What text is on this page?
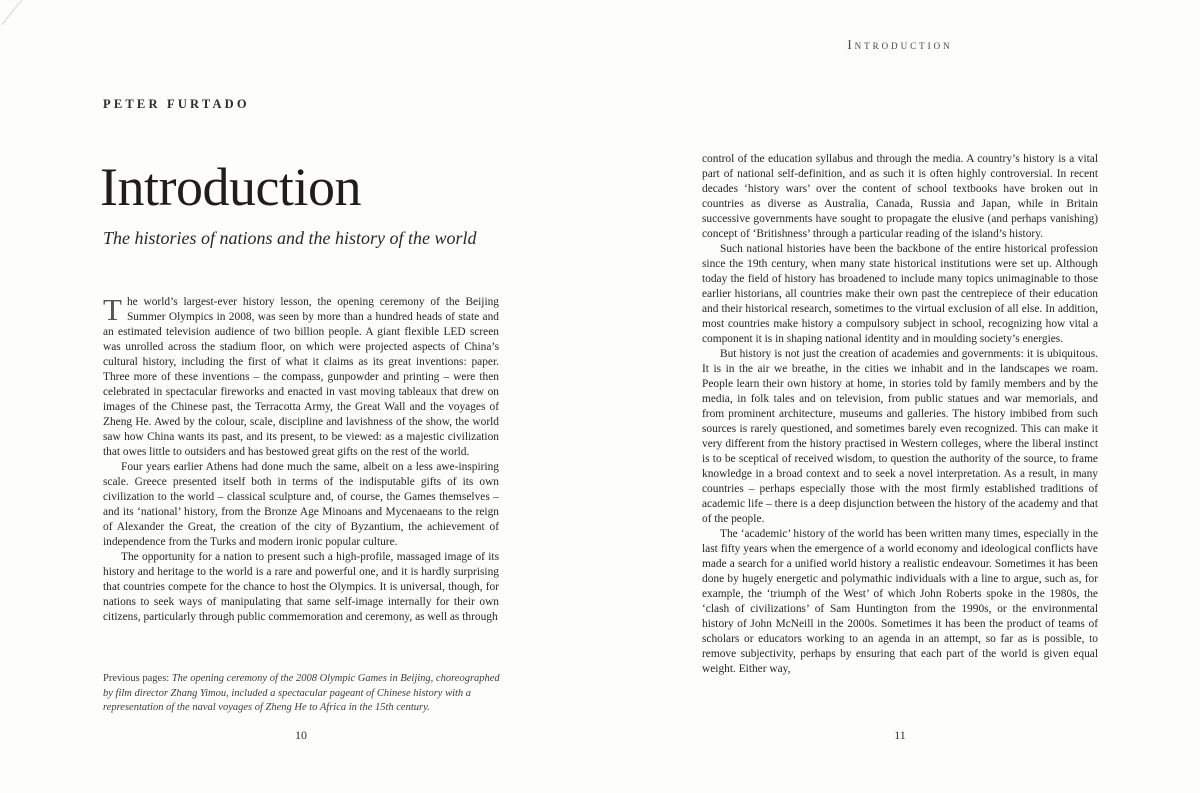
PETER FURTADO
Introduction
The histories of nations and the history of the world

The world’s largest-ever history lesson, the opening ceremony of the Beijing Summer Olympics in 2008, was seen by more than a hundred heads of state and an estimated television audience of two billion people. A giant flexible LED screen was unrolled across the stadium floor, on which were projected aspects of China’s cultural history, including the first of what it claims as its great inventions: paper. Three more of these inventions – the compass, gunpowder and printing – were then celebrated in spectacular fireworks and enacted in vast moving tableaux that drew on images of the Chinese past, the Terracotta Army, the Great Wall and the voyages of Zheng He. Awed by the colour, scale, discipline and lavishness of the show, the world saw how China wants its past, and its present, to be viewed: as a majestic civilization that owes little to outsiders and has bestowed great gifts on the rest of the world.

Four years earlier Athens had done much the same, albeit on a less awe-inspiring scale. Greece presented itself both in terms of the indisputable gifts of its own civilization to the world – classical sculpture and, of course, the Games themselves – and its ‘national’ history, from the Bronze Age Minoans and Mycenaeans to the reign of Alexander the Great, the creation of the city of Byzantium, the achievement of independence from the Turks and modern ironic popular culture.

The opportunity for a nation to present such a high-profile, massaged image of its history and heritage to the world is a rare and powerful one, and it is hardly surprising that countries compete for the chance to host the Olympics. It is universal, though, for nations to seek ways of manipulating that same self-image internally for their own citizens, particularly through public commemoration and ceremony, as well as through

Previous pages: The opening ceremony of the 2008 Olympic Games in Beijing, choreographed by film director Zhang Yimou, included a spectacular pageant of Chinese history with a representation of the naval voyages of Zheng He to Africa in the 15th century.
10
Introduction

control of the education syllabus and through the media. A country’s history is a vital part of national self-definition, and as such it is often highly controversial. In recent decades ‘history wars’ over the content of school textbooks have broken out in countries as diverse as Australia, Canada, Russia and Japan, while in Britain successive governments have sought to propagate the elusive (and perhaps vanishing) concept of ‘Britishness’ through a particular reading of the island’s history.

Such national histories have been the backbone of the entire historical profession since the 19th century, when many state historical institutions were set up. Although today the field of history has broadened to include many topics unimaginable to those earlier historians, all countries make their own past the centrepiece of their education and their historical research, sometimes to the virtual exclusion of all else. In addition, most countries make history a compulsory subject in school, recognizing how vital a component it is in shaping national identity and in moulding society’s energies.

But history is not just the creation of academies and governments: it is ubiquitous. It is in the air we breathe, in the cities we inhabit and in the landscapes we roam. People learn their own history at home, in stories told by family members and by the media, in folk tales and on television, from public statues and war memorials, and from prominent architecture, museums and galleries. The history imbibed from such sources is rarely questioned, and sometimes barely even recognized. This can make it very different from the history practised in Western colleges, where the liberal instinct is to be sceptical of received wisdom, to question the authority of the source, to frame knowledge in a broad context and to seek a novel interpretation. As a result, in many countries – perhaps especially those with the most firmly established traditions of academic life – there is a deep disjunction between the history of the academy and that of the people.

The ‘academic’ history of the world has been written many times, especially in the last fifty years when the emergence of a world economy and ideological conflicts have made a search for a unified world history a realistic endeavour. Sometimes it has been done by hugely energetic and polymathic individuals with a line to argue, such as, for example, the ‘triumph of the West’ of which John Roberts spoke in the 1980s, the ‘clash of civilizations’ of Sam Huntington from the 1990s, or the environmental history of John McNeill in the 2000s. Sometimes it has been the product of teams of scholars or educators working to an agenda in an attempt, so far as is possible, to remove subjectivity, perhaps by ensuring that each part of the world is given equal weight. Either way,

11
